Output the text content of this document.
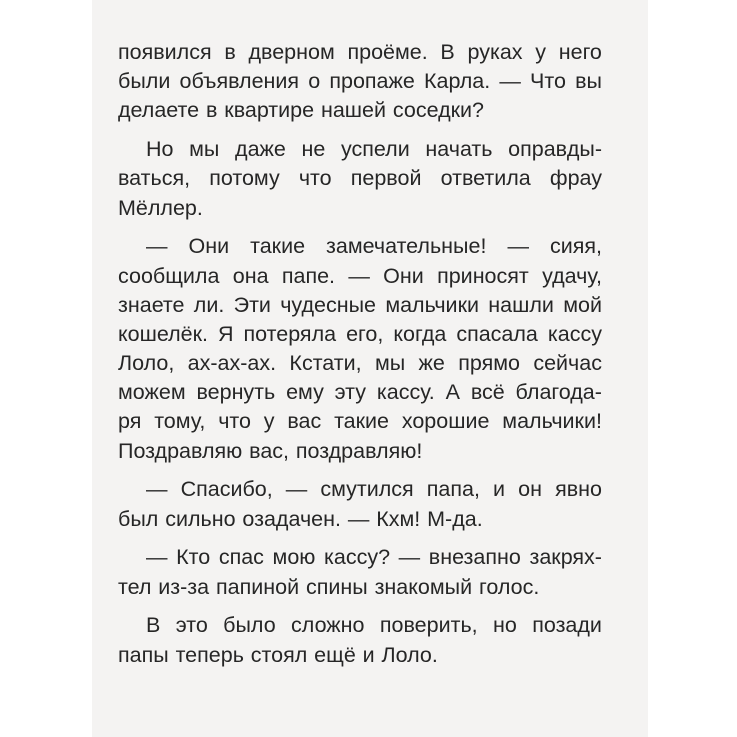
появился в дверном проёме. В руках у него
были объявления о пропаже Карла. — Что вы
делаете в квартире нашей соседки?
Но мы даже не успели начать оправды-
ваться, потому что первой ответила фрау
Мёллер.
— Они такие замечательные! — сияя,
сообщила она папе. — Они приносят удачу,
знаете ли. Эти чудесные мальчики нашли мой
кошелёк. Я потеряла его, когда спасала кассу
Лоло, ах-ах-ах. Кстати, мы же прямо сейчас
можем вернуть ему эту кассу. А всё благода-
ря тому, что у вас такие хорошие мальчики!
Поздравляю вас, поздравляю!
— Спасибо, — смутился папа, и он явно
был сильно озадачен. — Кхм! М-да.
— Кто спас мою кассу? — внезапно закрях-
тел из-за папиной спины знакомый голос.
В это было сложно поверить, но позади
папы теперь стоял ещё и Лоло.
